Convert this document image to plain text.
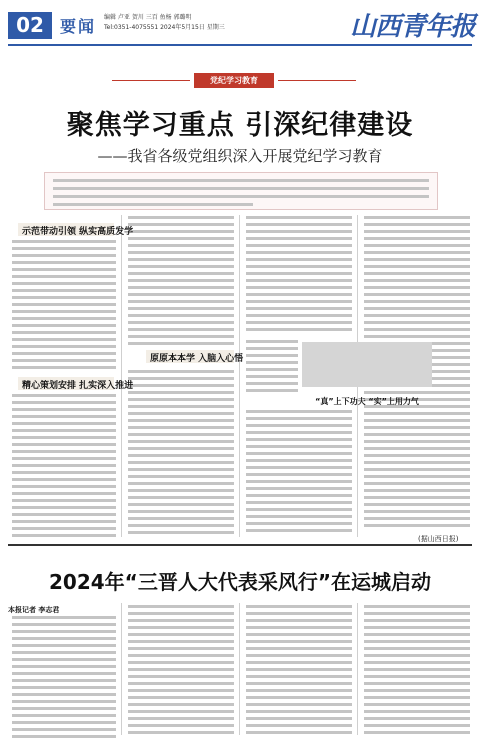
02	要闻 编辑 卢亚 贺川 三百 鱼杨 郭璐明
Tel:0351-4075551 2024年5月15日 星期三	山西青年报
党纪学习教育
聚焦学习重点 引深纪律建设
——我省各级党组织深入开展党纪学习教育
示范带动引领 纵实高质发学
精心策划安排 扎实深入推进
原原本本学 入脑入心悟
“真”上下功夫 “实”上用力气
(据山西日报)
2024年“三晋人大代表采风行”在运城启动
本报记者 李志君
